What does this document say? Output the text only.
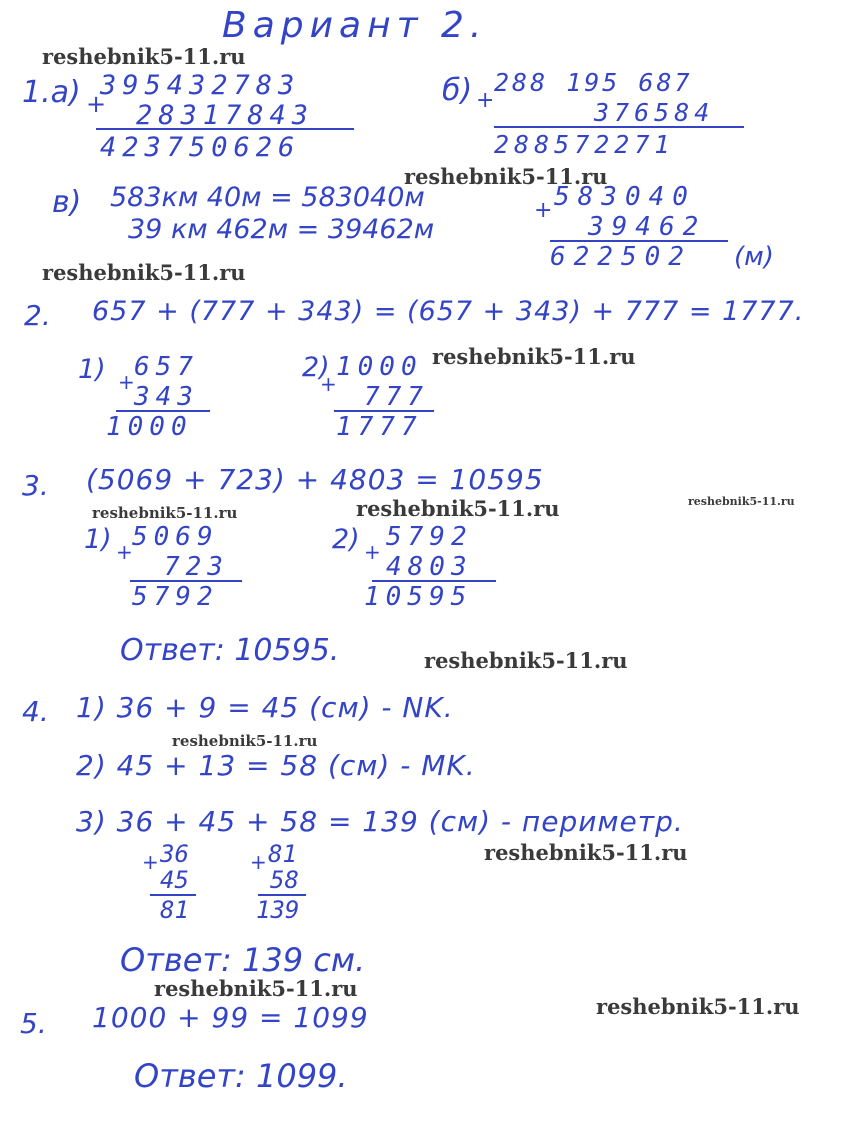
Вариант 2.
1.а) +
395432783
28317843
423750626
б) +
288 195 687
376584
288572271
reshebnik5-11.ru
reshebnik5-11.ru
в) 583км 40м = 583040м
39 км 462м = 39462м
+ 583040
39462
622502 (м)
reshebnik5-11.ru
2. 657 + (777 + 343) = (657 + 343) + 777 = 1777.
1) + 657
343
1000
2)
+
1000
777
1777
reshebnik5-11.ru
3. (5069 + 723) + 4803 = 10595
reshebnik5-11.ru	reshebnik5-11.ru	reshebnik5-11.ru
1) + 5069
723
5792
2) + 5792
4803
10595
Ответ: 10595.	reshebnik5-11.ru
4. 1) 36 + 9 = 45 (см) - NK.
reshebnik5-11.ru
2) 45 + 13 = 58 (см) - MK.
3) 36 + 45 + 58 = 139 (см) - периметр.
+ 36
45
81
+ 81
58
139
reshebnik5-11.ru
Ответ: 139 см.
reshebnik5-11.ru
reshebnik5-11.ru
5. 1000 + 99 = 1099
Ответ: 1099.
